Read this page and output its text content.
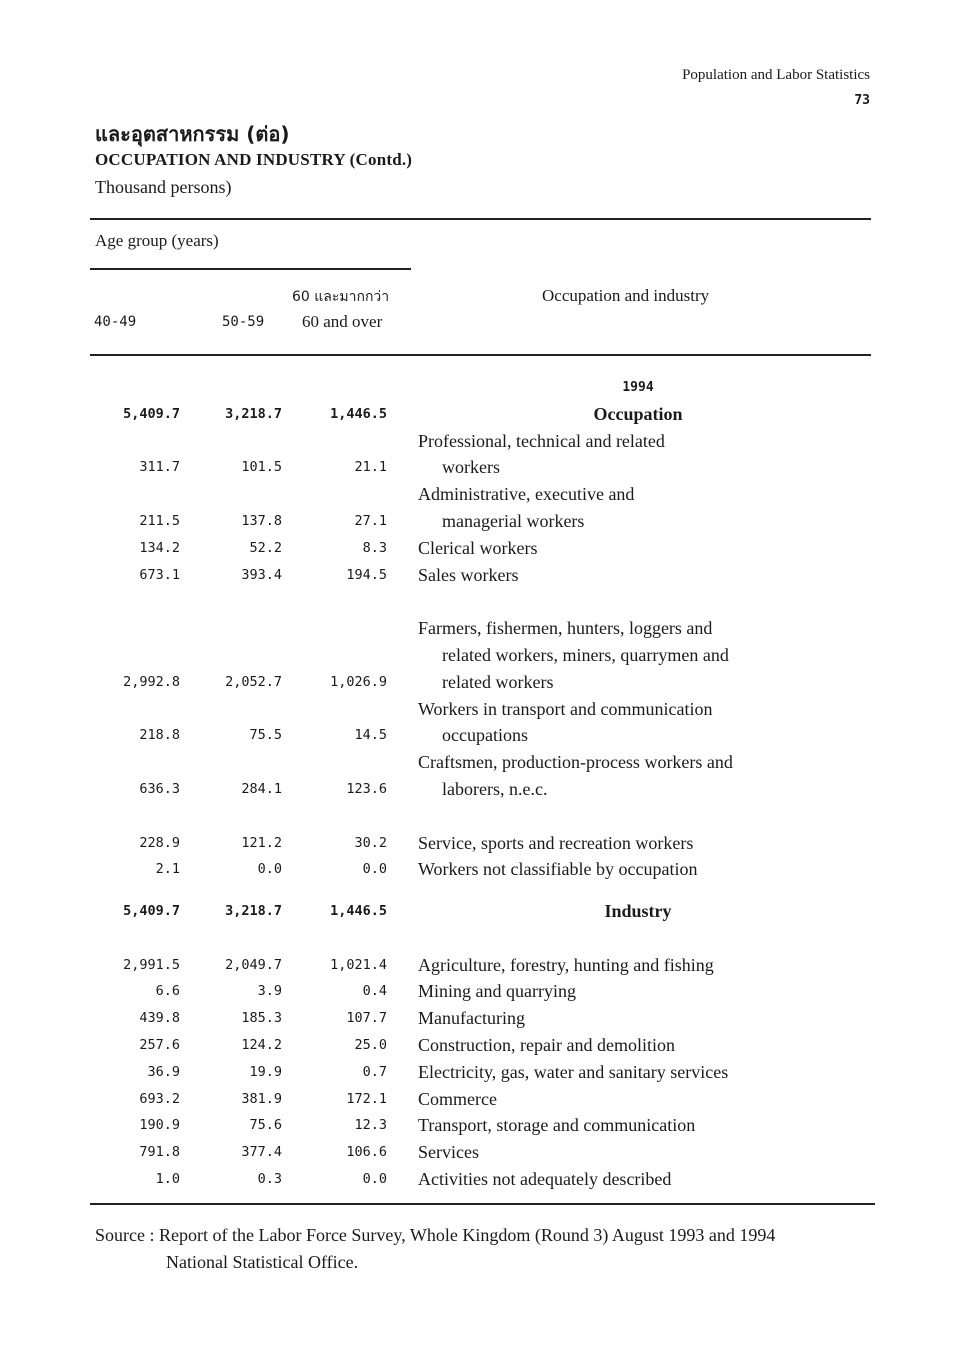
Population and Labor Statistics
73
และอุตสาหกรรม (ต่อ)
OCCUPATION AND INDUSTRY (Contd.)
Thousand persons)
Age group (years)
60 และมากกว่า
40-49	50-59 60 and over
Occupation and industry
1994
5,409.7	3,218.7	1,446.5	Occupation
Professional, technical and related
311.7	101.5	21.1	workers
Administrative, executive and
211.5	137.8	27.1	managerial workers
134.2	52.2	8.3 Clerical workers
673.1	393.4	194.5 Sales workers
Farmers, fishermen, hunters, loggers and
related workers, miners, quarrymen and
2,992.8	2,052.7	1,026.9	related workers
Workers in transport and communication
218.8	75.5	14.5	occupations
Craftsmen, production-process workers and
636.3	284.1	123.6	laborers, n.e.c.
228.9	121.2	30.2 Service, sports and recreation workers
2.1	0.0	0.0 Workers not classifiable by occupation
5,409.7	3,218.7	1,446.5	Industry
2,991.5	2,049.7	1,021.4 Agriculture, forestry, hunting and fishing
6.6	3.9	0.4 Mining and quarrying
439.8	185.3	107.7 Manufacturing
257.6	124.2	25.0 Construction, repair and demolition
36.9	19.9	0.7 Electricity, gas, water and sanitary services
693.2	381.9	172.1 Commerce
190.9	75.6	12.3 Transport, storage and communication
791.8	377.4	106.6 Services
1.0	0.3	0.0 Activities not adequately described
Source : Report of the Labor Force Survey, Whole Kingdom (Round 3) August 1993 and 1994
National Statistical Office.
